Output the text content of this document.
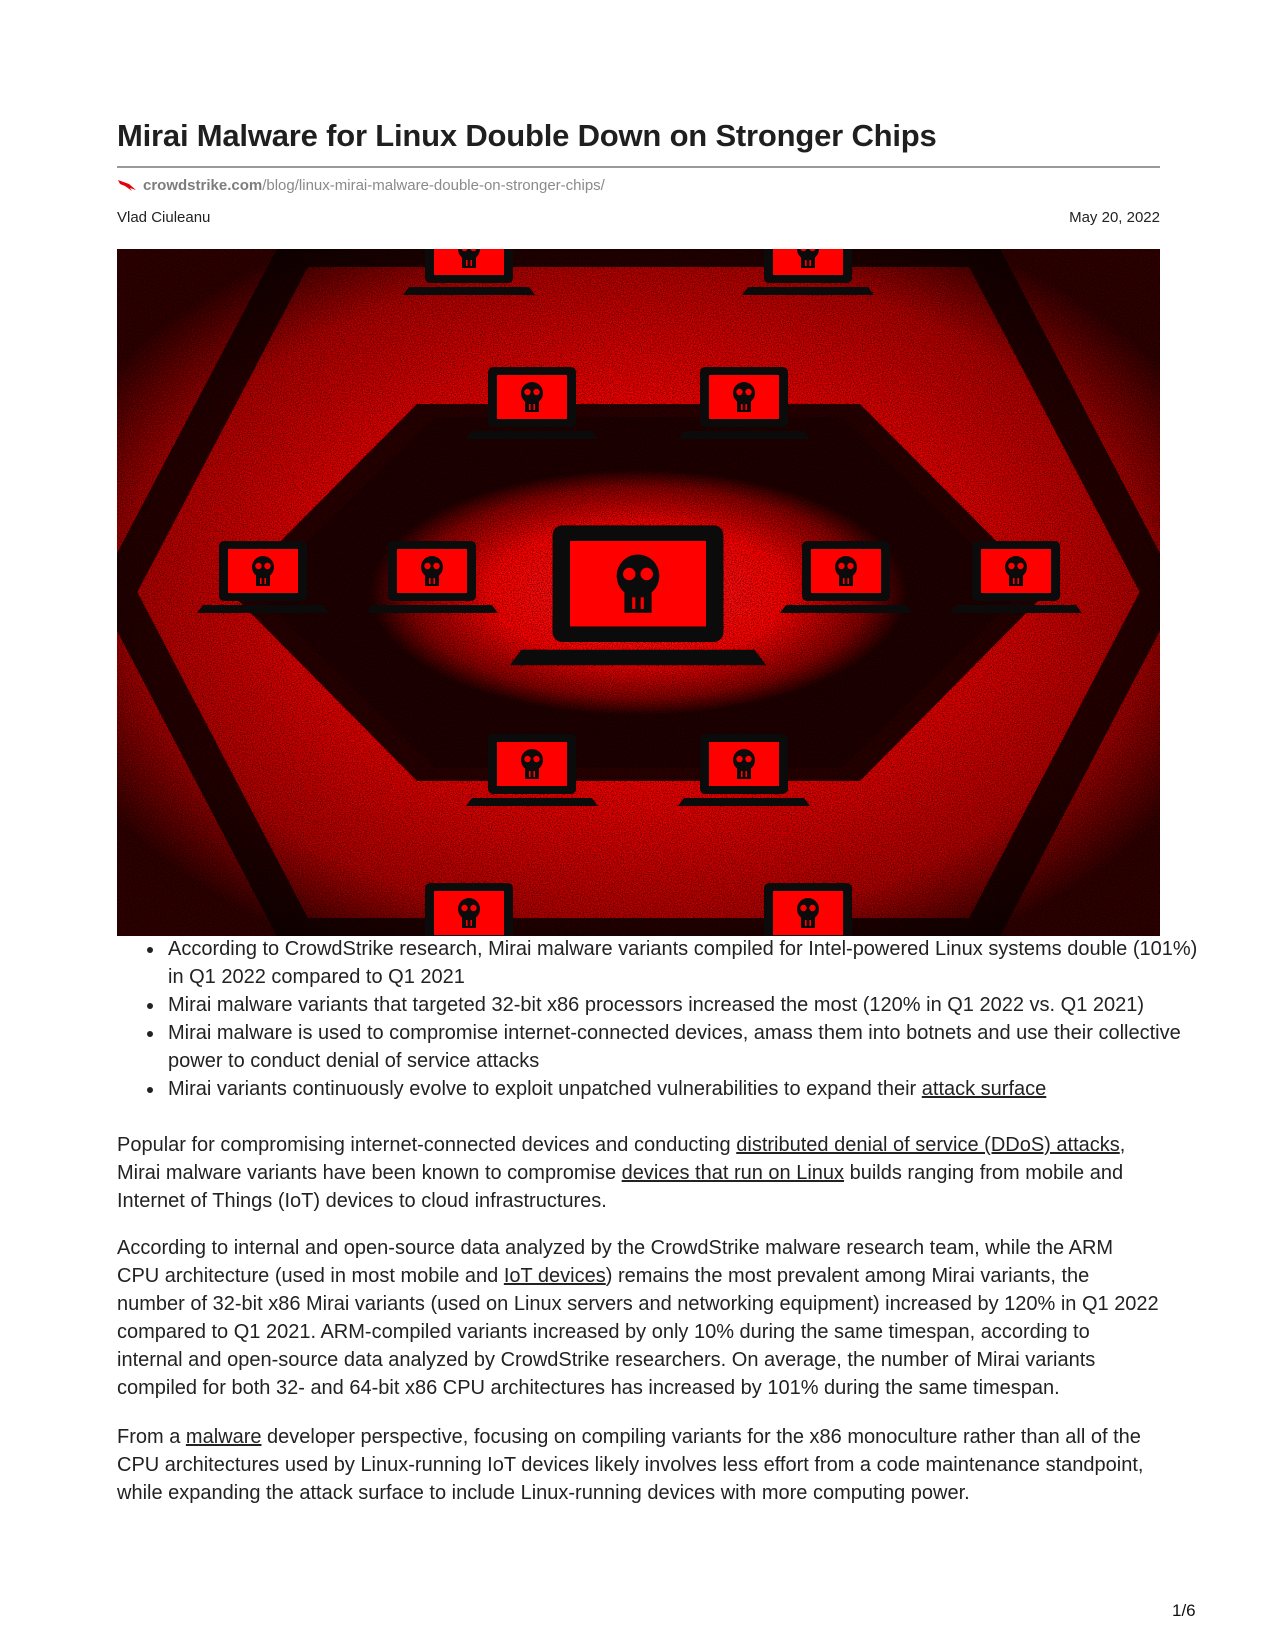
Mirai Malware for Linux Double Down on Stronger Chips
crowdstrike.com/blog/linux-mirai-malware-double-on-stronger-chips/
Vlad Ciuleanu	May 20, 2022
According to CrowdStrike research, Mirai malware variants compiled for Intel-powered Linux systems double (101%) in Q1 2022 compared to Q1 2021
Mirai malware variants that targeted 32-bit x86 processors increased the most (120% in Q1 2022 vs. Q1 2021)
Mirai malware is used to compromise internet-connected devices, amass them into botnets and use their collective power to conduct denial of service attacks
Mirai variants continuously evolve to exploit unpatched vulnerabilities to expand their attack surface

Popular for compromising internet-connected devices and conducting distributed denial of service (DDoS) attacks, Mirai malware variants have been known to compromise devices that run on Linux builds ranging from mobile and Internet of Things (IoT) devices to cloud infrastructures.

According to internal and open-source data analyzed by the CrowdStrike malware research team, while the ARM CPU architecture (used in most mobile and IoT devices) remains the most prevalent among Mirai variants, the number of 32-bit x86 Mirai variants (used on Linux servers and networking equipment) increased by 120% in Q1 2022 compared to Q1 2021. ARM-compiled variants increased by only 10% during the same timespan, according to internal and open-source data analyzed by CrowdStrike researchers. On average, the number of Mirai variants compiled for both 32- and 64-bit x86 CPU architectures has increased by 101% during the same timespan.

From a malware developer perspective, focusing on compiling variants for the x86 monoculture rather than all of the CPU architectures used by Linux-running IoT devices likely involves less effort from a code maintenance standpoint, while expanding the attack surface to include Linux-running devices with more computing power.

1/6
